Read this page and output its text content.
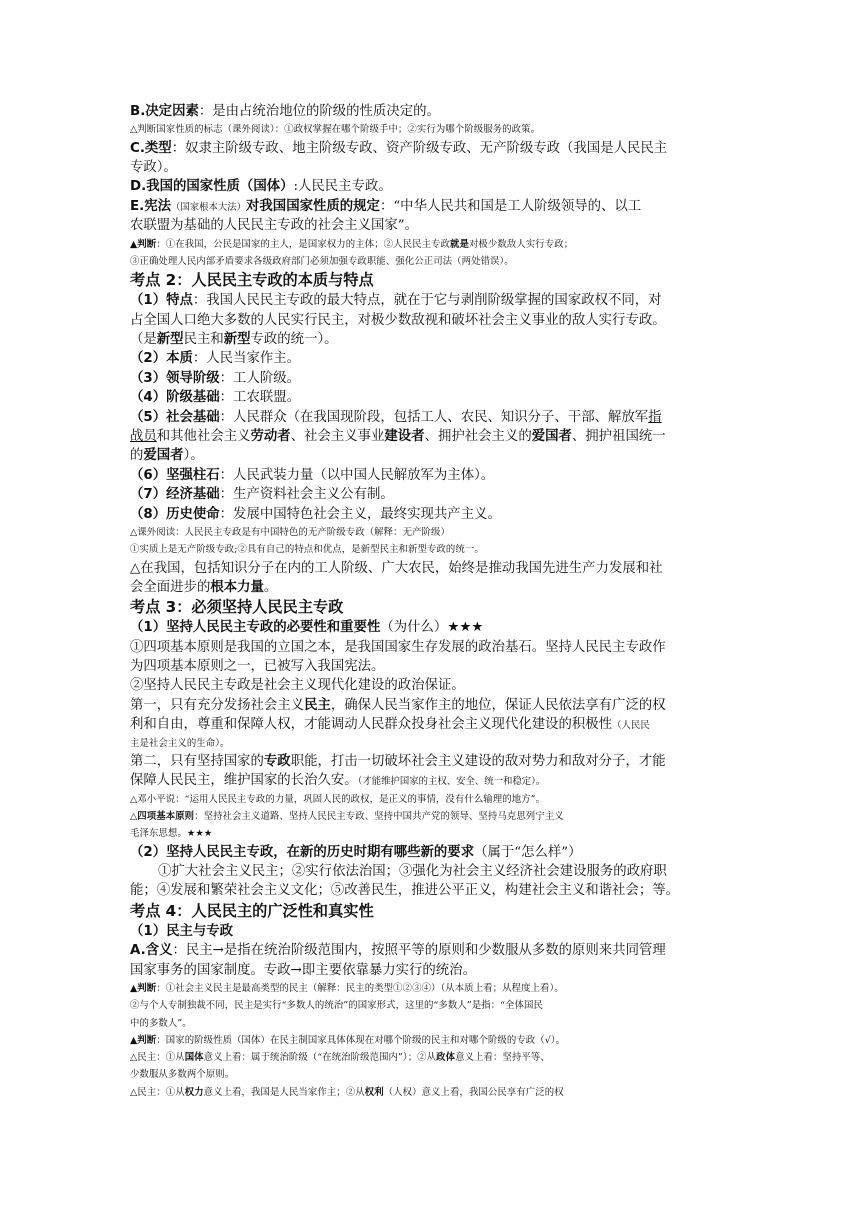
B.决定因素：是由占统治地位的阶级的性质决定的。
△判断国家性质的标志（课外阅读）：①政权掌握在哪个阶级手中；②实行为哪个阶级服务的政策。
C.类型：奴隶主阶级专政、地主阶级专政、资产阶级专政、无产阶级专政（我国是人民民主
专政）。
D.我国的国家性质（国体）:人民民主专政。
E.宪法（国家根本大法）对我国国家性质的规定：“中华人民共和国是工人阶级领导的、以工
农联盟为基础的人民民主专政的社会主义国家”。
▲判断：①在我国，公民是国家的主人，是国家权力的主体；②人民民主专政就是对极少数敌人实行专政；
③正确处理人民内部矛盾要求各级政府部门必须加强专政职能、强化公正司法（两处错误）。
考点 2：人民民主专政的本质与特点
（1）特点：我国人民民主专政的最大特点，就在于它与剥削阶级掌握的国家政权不同，对
占全国人口绝大多数的人民实行民主，对极少数敌视和破坏社会主义事业的敌人实行专政。
（是新型民主和新型专政的统一）。
（2）本质：人民当家作主。
（3）领导阶级：工人阶级。
（4）阶级基础：工农联盟。
（5）社会基础：人民群众（在我国现阶段，包括工人、农民、知识分子、干部、解放军指
战员和其他社会主义劳动者、社会主义事业建设者、拥护社会主义的爱国者、拥护祖国统一
的爱国者）。
（6）坚强柱石：人民武装力量（以中国人民解放军为主体）。
（7）经济基础：生产资料社会主义公有制。
（8）历史使命：发展中国特色社会主义，最终实现共产主义。
△课外阅读：人民民主专政是有中国特色的无产阶级专政（解释：无产阶级）
①实质上是无产阶级专政;②具有自己的特点和优点，是新型民主和新型专政的统一。
△在我国，包括知识分子在内的工人阶级、广大农民，始终是推动我国先进生产力发展和社
会全面进步的根本力量。
考点 3：必须坚持人民民主专政
（1）坚持人民民主专政的必要性和重要性（为什么）★★★
①四项基本原则是我国的立国之本，是我国国家生存发展的政治基石。坚持人民民主专政作
为四项基本原则之一，已被写入我国宪法。
②坚持人民民主专政是社会主义现代化建设的政治保证。
第一，只有充分发扬社会主义民主，确保人民当家作主的地位，保证人民依法享有广泛的权
利和自由，尊重和保障人权，才能调动人民群众投身社会主义现代化建设的积极性（人民民
主是社会主义的生命）。
第二，只有坚持国家的专政职能，打击一切破坏社会主义建设的敌对势力和敌对分子，才能
保障人民民主，维护国家的长治久安。（才能维护国家的主权、安全、统一和稳定）。
△邓小平说：“运用人民民主专政的力量，巩固人民的政权，是正义的事情，没有什么输理的地方”。
△四项基本原则：坚持社会主义道路、坚持人民民主专政、坚持中国共产党的领导、坚持马克思列宁主义
毛泽东思想。★★★
（2）坚持人民民主专政，在新的历史时期有哪些新的要求（属于“怎么样”）
①扩大社会主义民主；②实行依法治国；③强化为社会主义经济社会建设服务的政府职
能；④发展和繁荣社会主义文化；⑤改善民生，推进公平正义，构建社会主义和谐社会；等。
考点 4：人民民主的广泛性和真实性
（1）民主与专政
A.含义：民主→是指在统治阶级范围内，按照平等的原则和少数服从多数的原则来共同管理
国家事务的国家制度。专政→即主要依靠暴力实行的统治。
▲判断：①社会主义民主是最高类型的民主（解释：民主的类型①②③④）（从本质上看；从程度上看）。
②与个人专制独裁不同，民主是实行“多数人的统治”的国家形式，这里的“多数人”是指：“全体国民
中的多数人”。
▲判断：国家的阶级性质（国体）在民主制国家具体体现在对哪个阶级的民主和对哪个阶级的专政（√）。
△民主：①从国体意义上看：属于统治阶级（“在统治阶级范围内”）；②从政体意义上看：坚持平等、
少数服从多数两个原则。
△民主：①从权力意义上看，我国是人民当家作主；②从权利（人权）意义上看，我国公民享有广泛的权
